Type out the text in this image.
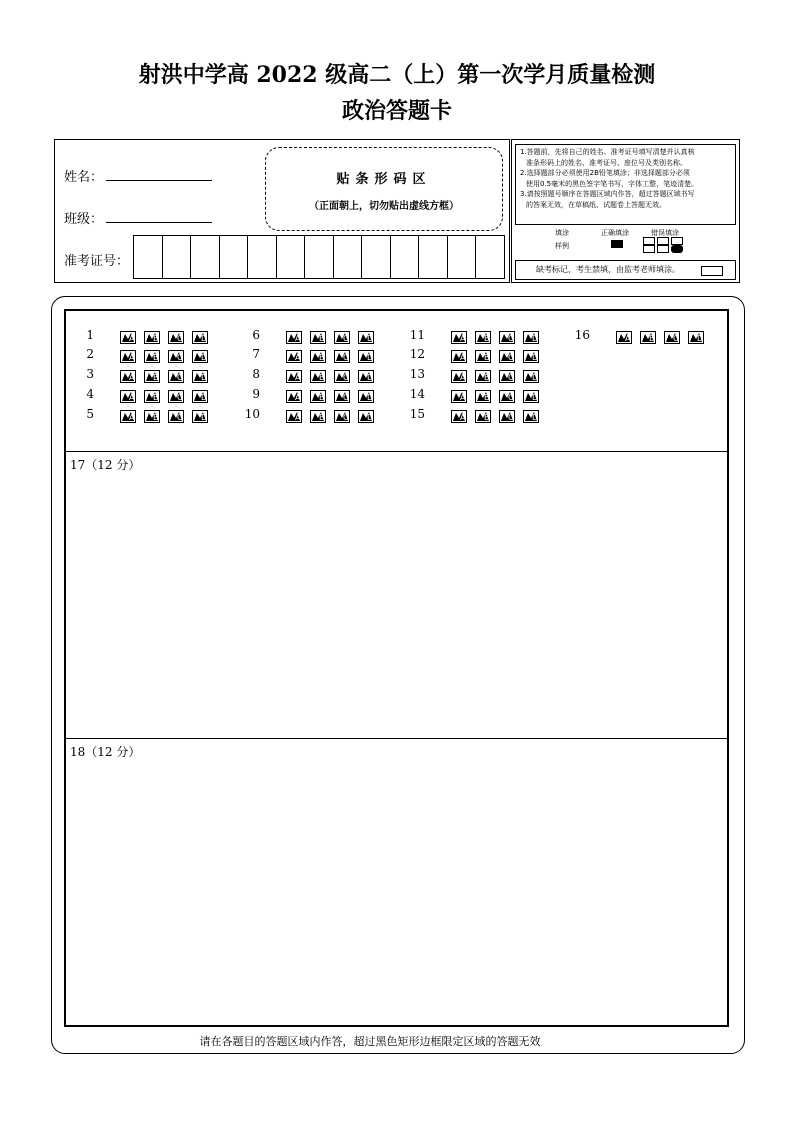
射洪中学高 2022 级高二（上）第一次学月质量检测
政治答题卡
姓名：
班级：
准考证号：
贴条形码区
（正面朝上，切勿贴出虚线方框）
1.答题前，先将自己的姓名、准考证号填写清楚并认真核
准条形码上的姓名、准考证号、座位号及类别名称。
2.选择题部分必须使用2B铅笔填涂；非选择题部分必须
使用0.5毫米的黑色签字笔书写，字体工整，笔迹清楚。
3.请按照题号顺序在答题区域内作答，超过答题区域书写
的答案无效，在草稿纸、试题卷上答题无效。
填涂
样例
正确填涂	错误填涂

缺考标记，考生禁填，由监考老师填涂。
17（12 分）
18（12 分）
请在各题目的答题区域内作答，超过黑色矩形边框限定区域的答题无效
1	A B C D
2	A B C D
3	A B C D
4	A B C D
5	A B C D
6	A B C D
7	A B C D
8	A B C D
9	A B C D
10	A B C D
11	A B C D
12	A B C D
13	A B C D
14	A B C D
15	A B C D
16	A B C D
